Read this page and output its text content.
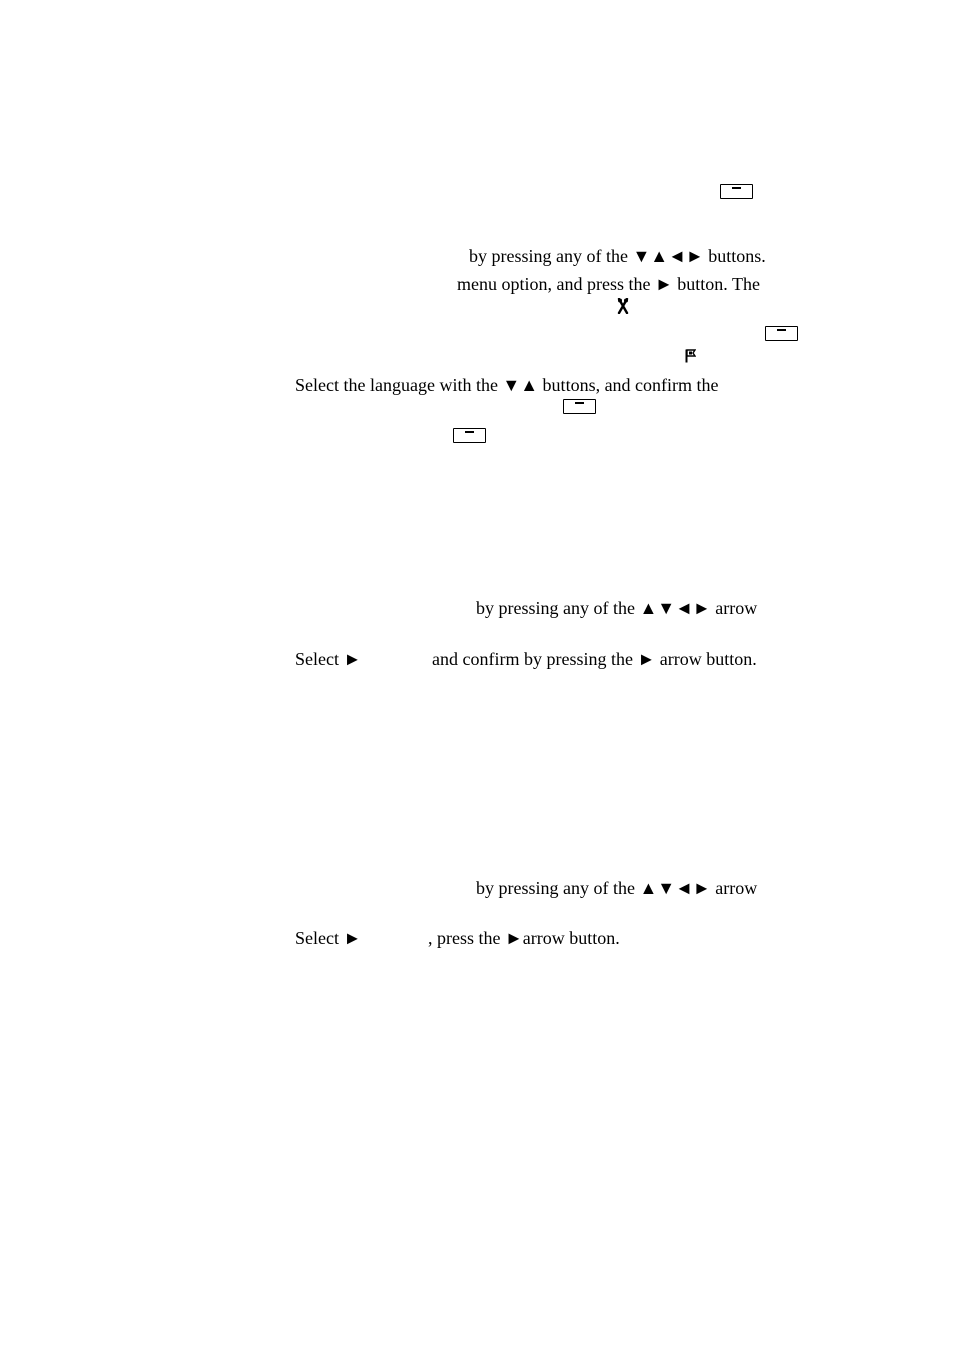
by pressing any of the ▼▲◄► buttons.
menu option, and press the ► button. The
Select the language with the ▼▲ buttons, and confirm the
by pressing any of the ▲▼◄► arrow
Select ►	and confirm by pressing the ► arrow button.
by pressing any of the ▲▼◄► arrow
Select ►	, press the ►arrow button.
